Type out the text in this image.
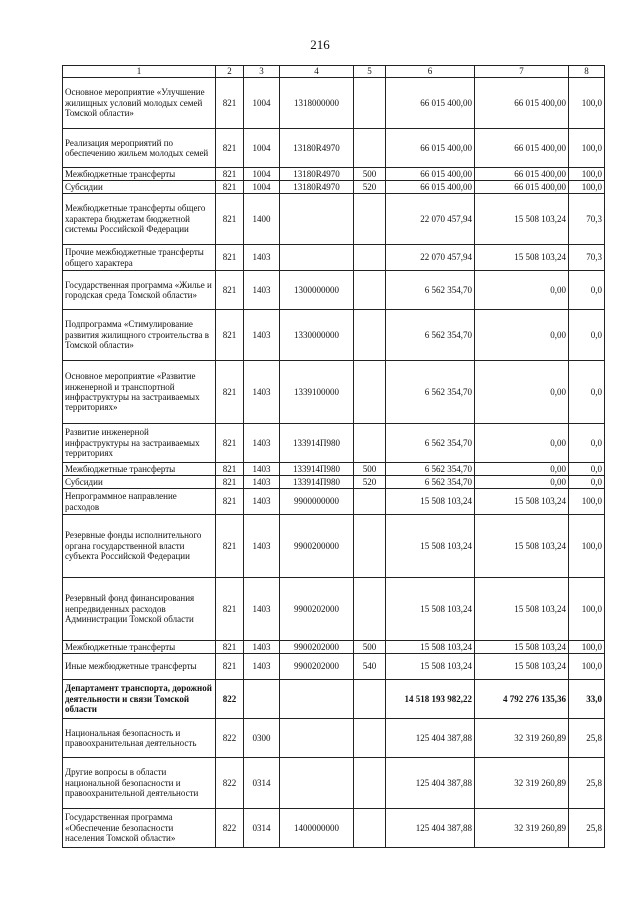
216
1	2	3	4	5	6	7	8
Основное мероприятие «Улучшение жилищных условий молодых семей Томской области»	821	1004	1318000000		66 015 400,00	66 015 400,00	100,0
Реализация мероприятий по обеспечению жильем молодых семей	821	1004	13180R4970		66 015 400,00	66 015 400,00	100,0
Межбюджетные трансферты	821	1004	13180R4970	500	66 015 400,00	66 015 400,00	100,0
Субсидии	821	1004	13180R4970	520	66 015 400,00	66 015 400,00	100,0
Межбюджетные трансферты общего характера бюджетам бюджетной системы Российской Федерации	821	1400			22 070 457,94	15 508 103,24	70,3
Прочие межбюджетные трансферты общего характера	821	1403			22 070 457,94	15 508 103,24	70,3
Государственная программа «Жилье и городская среда Томской области»	821	1403	1300000000		6 562 354,70	0,00	0,0
Подпрограмма «Стимулирование развития жилищного строительства в Томской области»	821	1403	1330000000		6 562 354,70	0,00	0,0
Основное мероприятие «Развитие инженерной и транспортной инфраструктуры на застраиваемых территориях»	821	1403	1339100000		6 562 354,70	0,00	0,0
Развитие инженерной инфраструктуры на застраиваемых территориях	821	1403	133914П980		6 562 354,70	0,00	0,0
Межбюджетные трансферты	821	1403	133914П980	500	6 562 354,70	0,00	0,0
Субсидии	821	1403	133914П980	520	6 562 354,70	0,00	0,0
Непрограммное направление расходов	821	1403	9900000000		15 508 103,24	15 508 103,24	100,0
Резервные фонды исполнительного органа государственной власти субъекта Российской Федерации	821	1403	9900200000		15 508 103,24	15 508 103,24	100,0
Резервный фонд финансирования непредвиденных расходов Администрации Томской области	821	1403	9900202000		15 508 103,24	15 508 103,24	100,0
Межбюджетные трансферты	821	1403	9900202000	500	15 508 103,24	15 508 103,24	100,0
Иные межбюджетные трансферты	821	1403	9900202000	540	15 508 103,24	15 508 103,24	100,0
Департамент транспорта, дорожной деятельности и связи Томской области	822				14 518 193 982,22	4 792 276 135,36	33,0
Национальная безопасность и правоохранительная деятельность	822	0300			125 404 387,88	32 319 260,89	25,8
Другие вопросы в области национальной безопасности и правоохранительной деятельности	822	0314			125 404 387,88	32 319 260,89	25,8
Государственная программа «Обеспечение безопасности населения Томской области»	822	0314	1400000000		125 404 387,88	32 319 260,89	25,8
